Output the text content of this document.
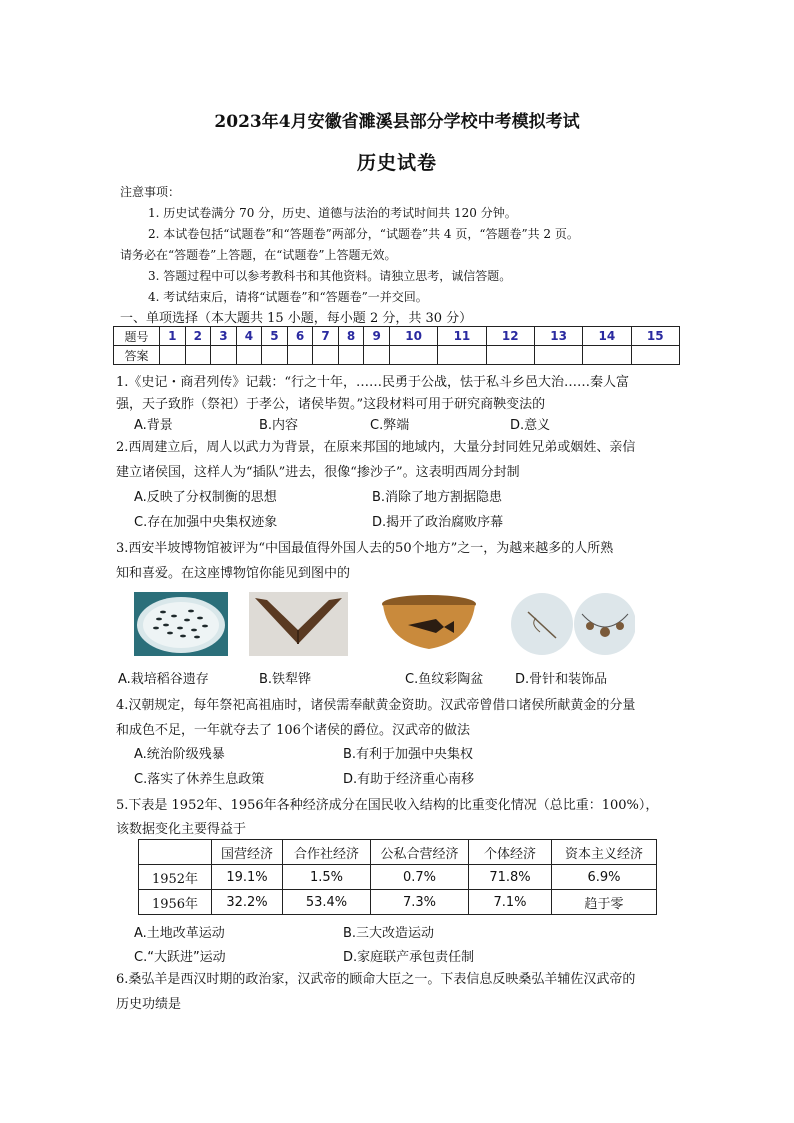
2023年4月安徽省濉溪县部分学校中考模拟考试
历史试卷
注意事项：
1. 历史试卷满分 70 分，历史、道德与法治的考试时间共 120 分钟。
2. 本试卷包括“试题卷”和“答题卷”两部分，“试题卷”共 4 页，“答题卷”共 2 页。
请务必在“答题卷”上答题，在“试题卷”上答题无效。
3. 答题过程中可以参考教科书和其他资料。请独立思考，诚信答题。
4. 考试结束后，请将“试题卷”和“答题卷”一并交回。
一、单项选择（本大题共 15 小题，每小题 2 分，共 30 分）
题号	1	2	3	4	5	6	7	8	9	10	11	12	13	14	15
答案															
1.《史记・商君列传》记载：“行之十年，……民勇于公战，怯于私斗乡邑大治……秦人富
强，天子致胙（祭祀）于孝公，诸侯毕贺。”这段材料可用于研究商鞅变法的
A.背景	B.内容	C.弊端	D.意义
2.西周建立后，周人以武力为背景，在原来邦国的地域内，大量分封同姓兄弟或姻姓、亲信
建立诸侯国，这样人为“插队”进去，很像“掺沙子”。这表明西周分封制
A.反映了分权制衡的思想	B.消除了地方割据隐患
C.存在加强中央集权迹象	D.揭开了政治腐败序幕
3.西安半坡博物馆被评为“中国最值得外国人去的50个地方”之一，为越来越多的人所熟
知和喜爱。在这座博物馆你能见到图中的
A.栽培稻谷遗存	B.铁犁铧	C.鱼纹彩陶盆 D.骨针和装饰品
4.汉朝规定，每年祭祀高祖庙时，诸侯需奉献黄金资助。汉武帝曾借口诸侯所献黄金的分量
和成色不足，一年就夺去了 106个诸侯的爵位。汉武帝的做法
A.统治阶级残暴	B.有利于加强中央集权
C.落实了休养生息政策	D.有助于经济重心南移
5.下表是 1952年、1956年各种经济成分在国民收入结构的比重变化情况（总比重：100%），
该数据变化主要得益于
	国营经济	合作社经济	公私合营经济	个体经济	资本主义经济
1952年	19.1%	1.5%	0.7%	71.8%	6.9%
1956年	32.2%	53.4%	7.3%	7.1%	趋于零
A.土地改革运动	B.三大改造运动
C.“大跃进”运动	D.家庭联产承包责任制
6.桑弘羊是西汉时期的政治家，汉武帝的顾命大臣之一。下表信息反映桑弘羊辅佐汉武帝的
历史功绩是
